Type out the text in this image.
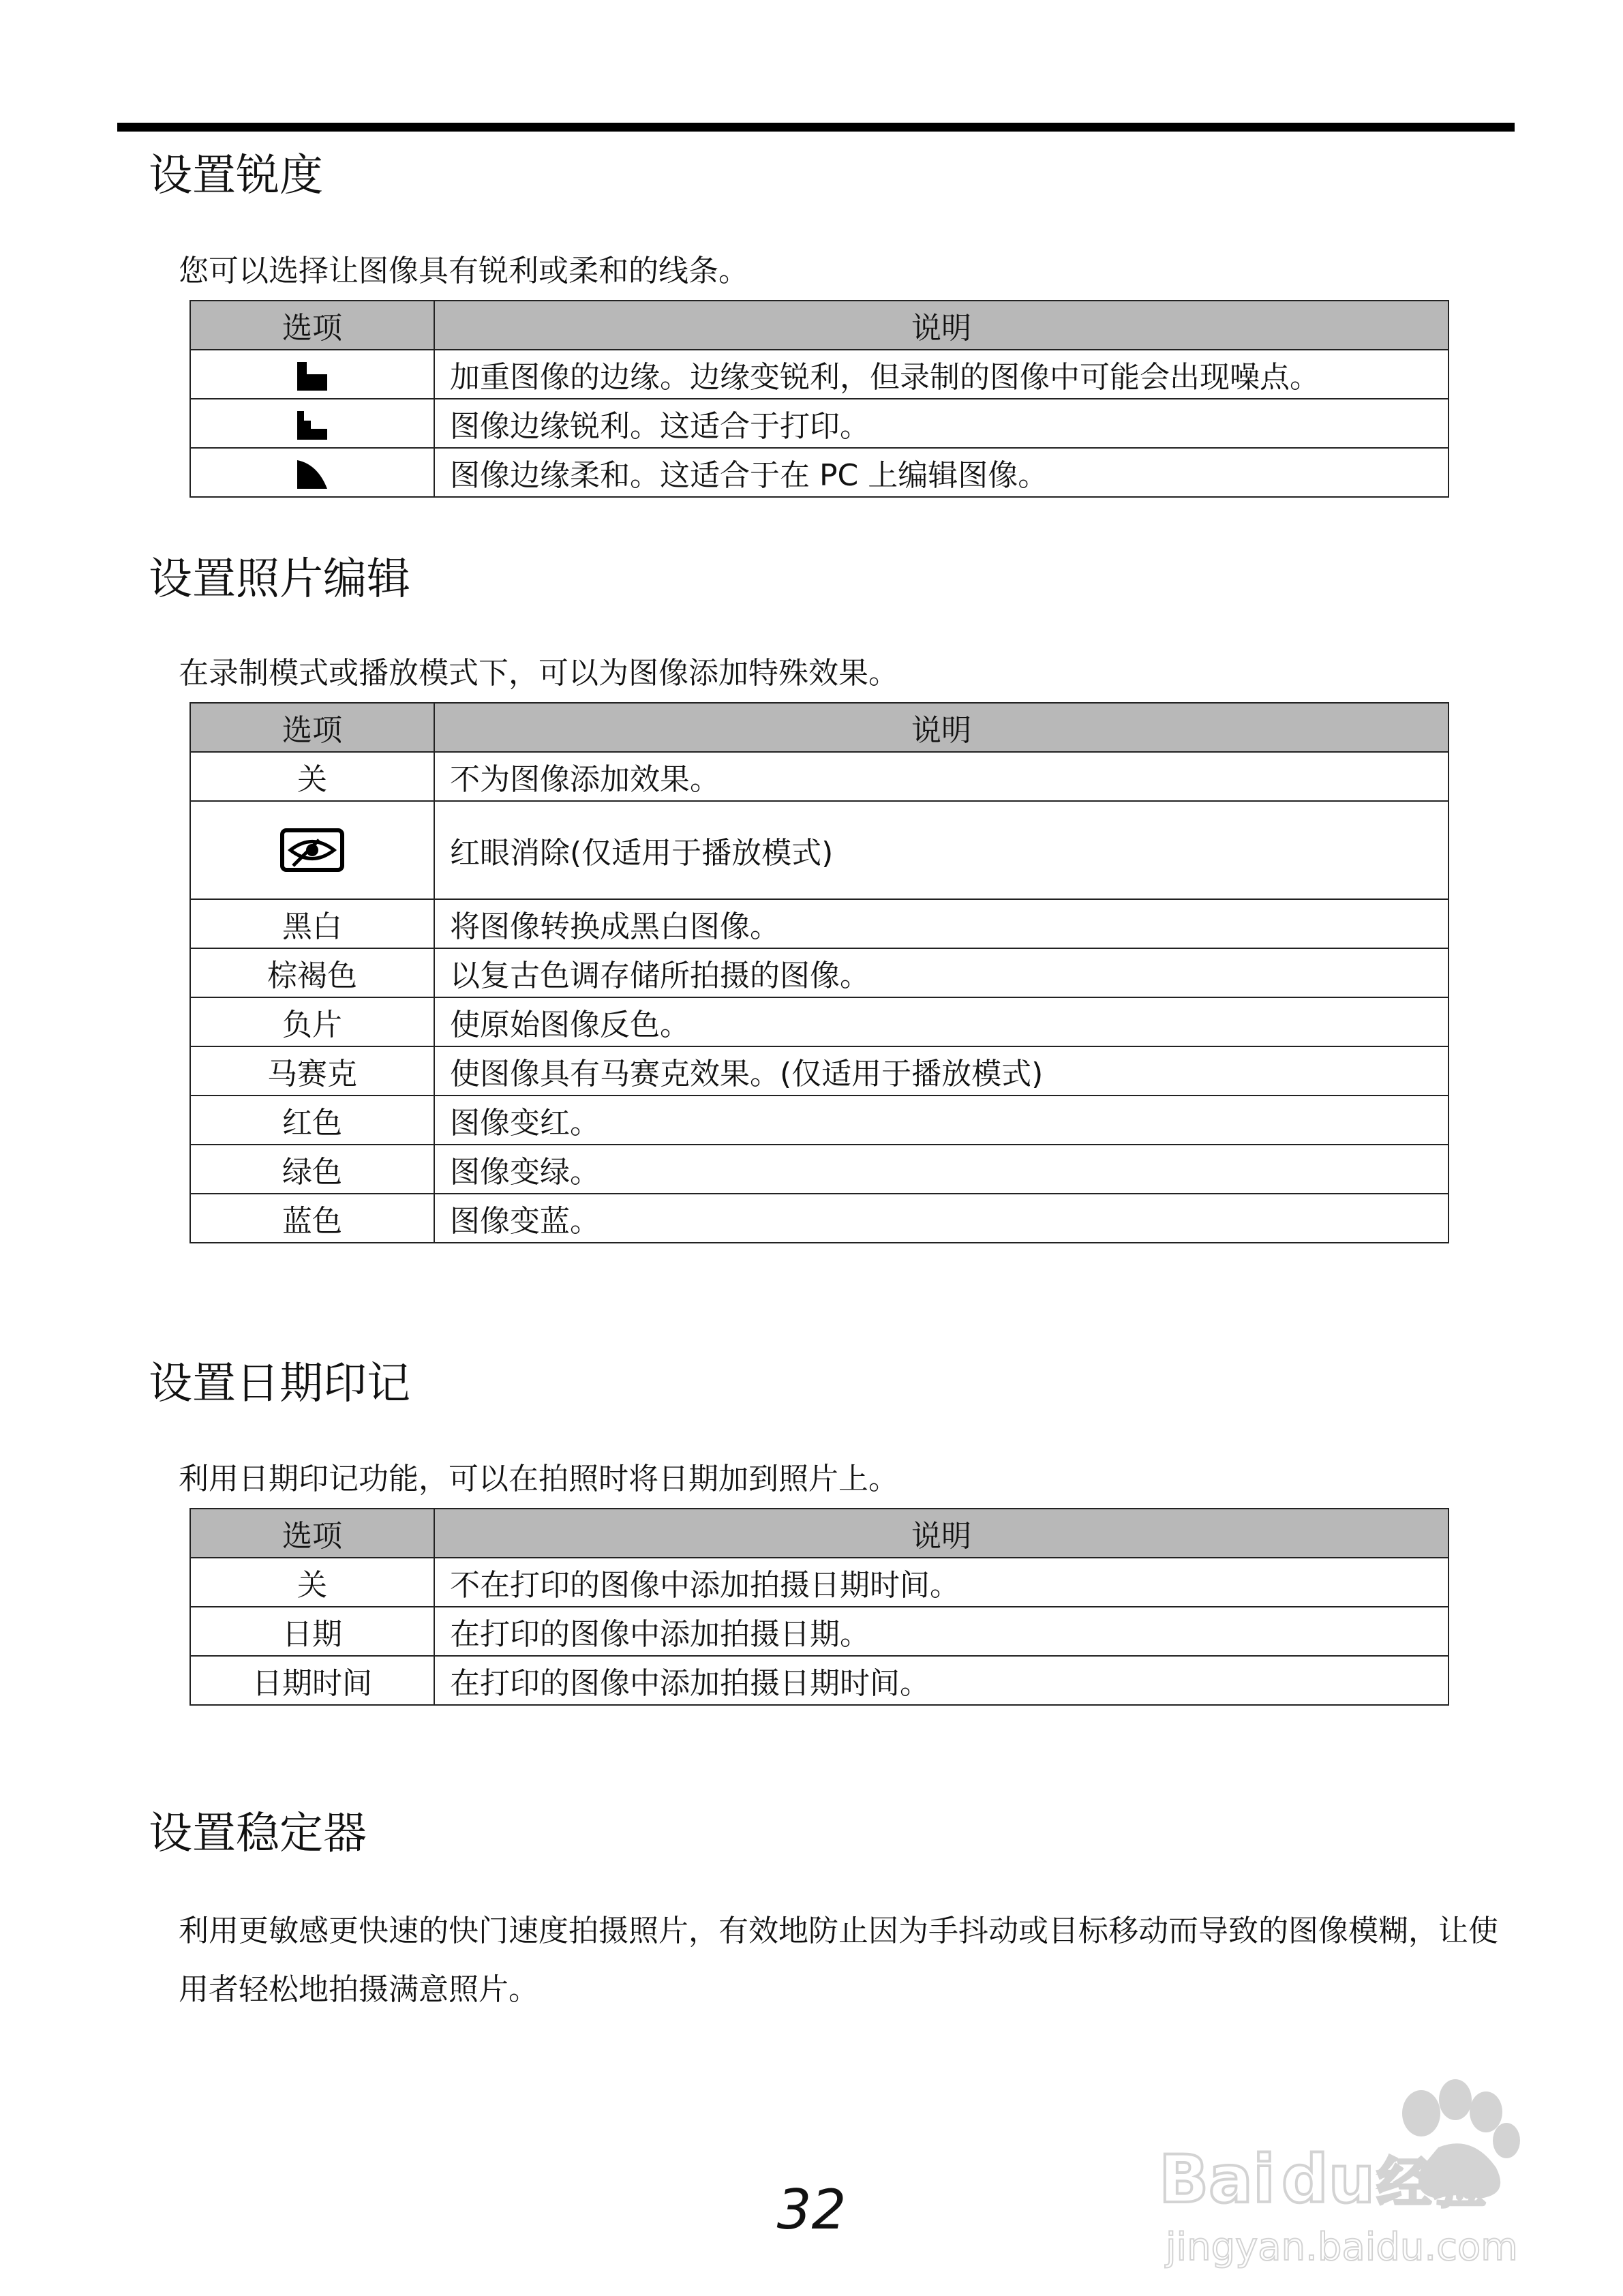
设置锐度
您可以选择让图像具有锐利或柔和的线条。
选项	说明
	加重图像的边缘。边缘变锐利，但录制的图像中可能会出现噪点。
	图像边缘锐利。这适合于打印。
	图像边缘柔和。这适合于在 PC 上编辑图像。
设置照片编辑
在录制模式或播放模式下，可以为图像添加特殊效果。
选项	说明
关	不为图像添加效果。
	红眼消除(仅适用于播放模式)
黑白	将图像转换成黑白图像。
棕褐色	以复古色调存储所拍摄的图像。
负片	使原始图像反色。
马赛克	使图像具有马赛克效果。(仅适用于播放模式)
红色	图像变红。
绿色	图像变绿。
蓝色	图像变蓝。
设置日期印记
利用日期印记功能，可以在拍照时将日期加到照片上。
选项	说明
关	不在打印的图像中添加拍摄日期时间。
日期	在打印的图像中添加拍摄日期。
日期时间	在打印的图像中添加拍摄日期时间。
设置稳定器
利用更敏感更快速的快门速度拍摄照片，有效地防止因为手抖动或目标移动而导致的图像模糊，让使用者轻松地拍摄满意照片。
32	Bai du 经验
jingyan.baidu.com
